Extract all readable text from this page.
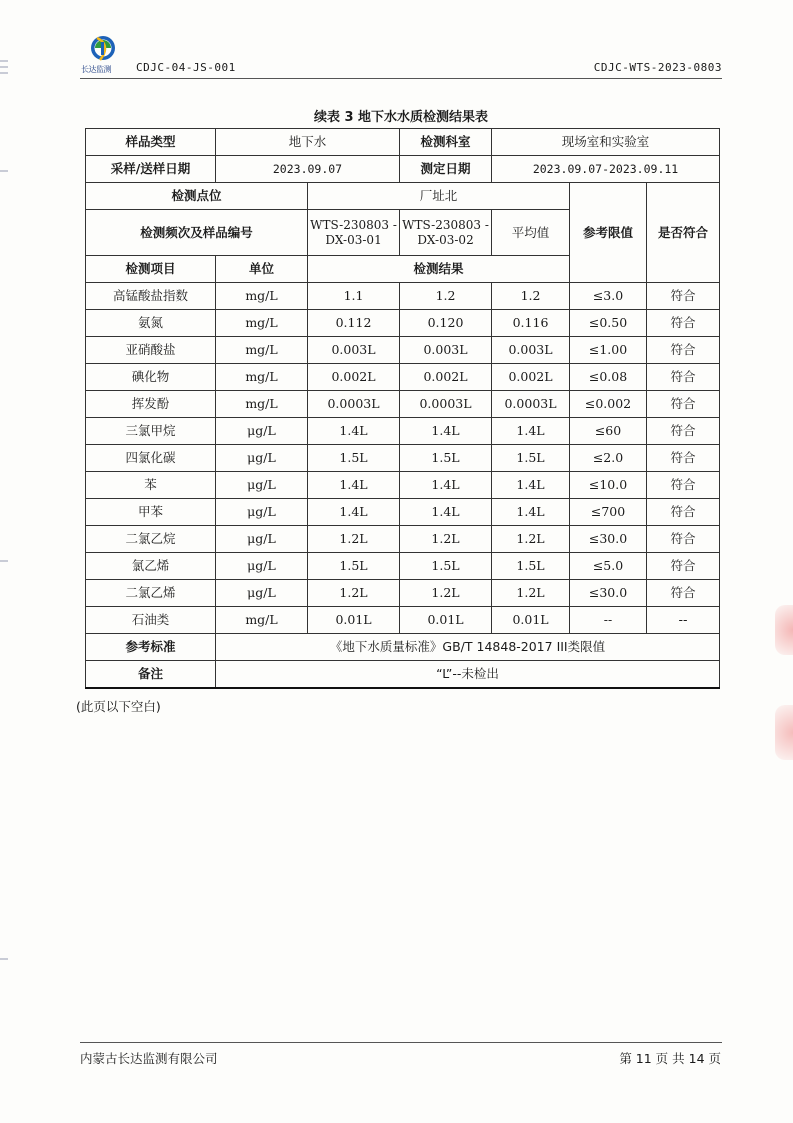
长达监测 CDJC-04-JS-001	CDJC-WTS-2023-0803
续表 3 地下水水质检测结果表
样品类型	地下水		检测科室	现场室和实验室		
采样/送样日期	2023.09.07		测定日期	2023.09.07-2023.09.11		
检测点位		厂址北			参考限值	是否符合
检测频次及样品编号		WTS-230803 -DX-03-01	WTS-230803 -DX-03-02	平均值		
检测项目	单位	检测结果				
高锰酸盐指数	mg/L	1.1	1.2	1.2	≤3.0	符合
氨氮	mg/L	0.112	0.120	0.116	≤0.50	符合
亚硝酸盐	mg/L	0.003L	0.003L	0.003L	≤1.00	符合
碘化物	mg/L	0.002L	0.002L	0.002L	≤0.08	符合
挥发酚	mg/L	0.0003L	0.0003L	0.0003L	≤0.002	符合
三氯甲烷	μg/L	1.4L	1.4L	1.4L	≤60	符合
四氯化碳	μg/L	1.5L	1.5L	1.5L	≤2.0	符合
苯	μg/L	1.4L	1.4L	1.4L	≤10.0	符合
甲苯	μg/L	1.4L	1.4L	1.4L	≤700	符合
二氯乙烷	μg/L	1.2L	1.2L	1.2L	≤30.0	符合
氯乙烯	μg/L	1.5L	1.5L	1.5L	≤5.0	符合
二氯乙烯	μg/L	1.2L	1.2L	1.2L	≤30.0	符合
石油类	mg/L	0.01L	0.01L	0.01L	--	--
参考标准	《地下水质量标准》GB/T 14848-2017 III类限值					
备注	“L”--未检出					
(此页以下空白)
内蒙古长达监测有限公司	第 11 页 共 14 页
